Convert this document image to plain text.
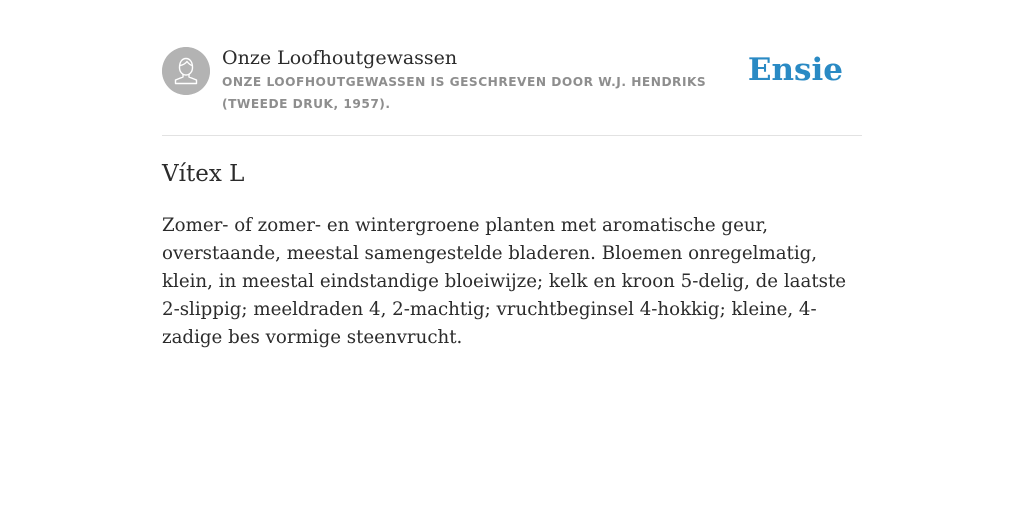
Onze Loofhoutgewassen
ONZE LOOFHOUTGEWASSEN IS GESCHREVEN DOOR W.J. HENDRIKS (TWEEDE DRUK, 1957).
Ensie
Vítex L

Zomer- of zomer- en wintergroene planten met aromatische geur, overstaande, meestal samengestelde bladeren. Bloemen onregelmatig, klein, in meestal eindstandige bloeiwijze; kelk en kroon 5-delig, de laatste 2-slippig; meeldraden 4, 2-machtig; vruchtbeginsel 4-hokkig; kleine, 4-zadige bes vormige steenvrucht.
